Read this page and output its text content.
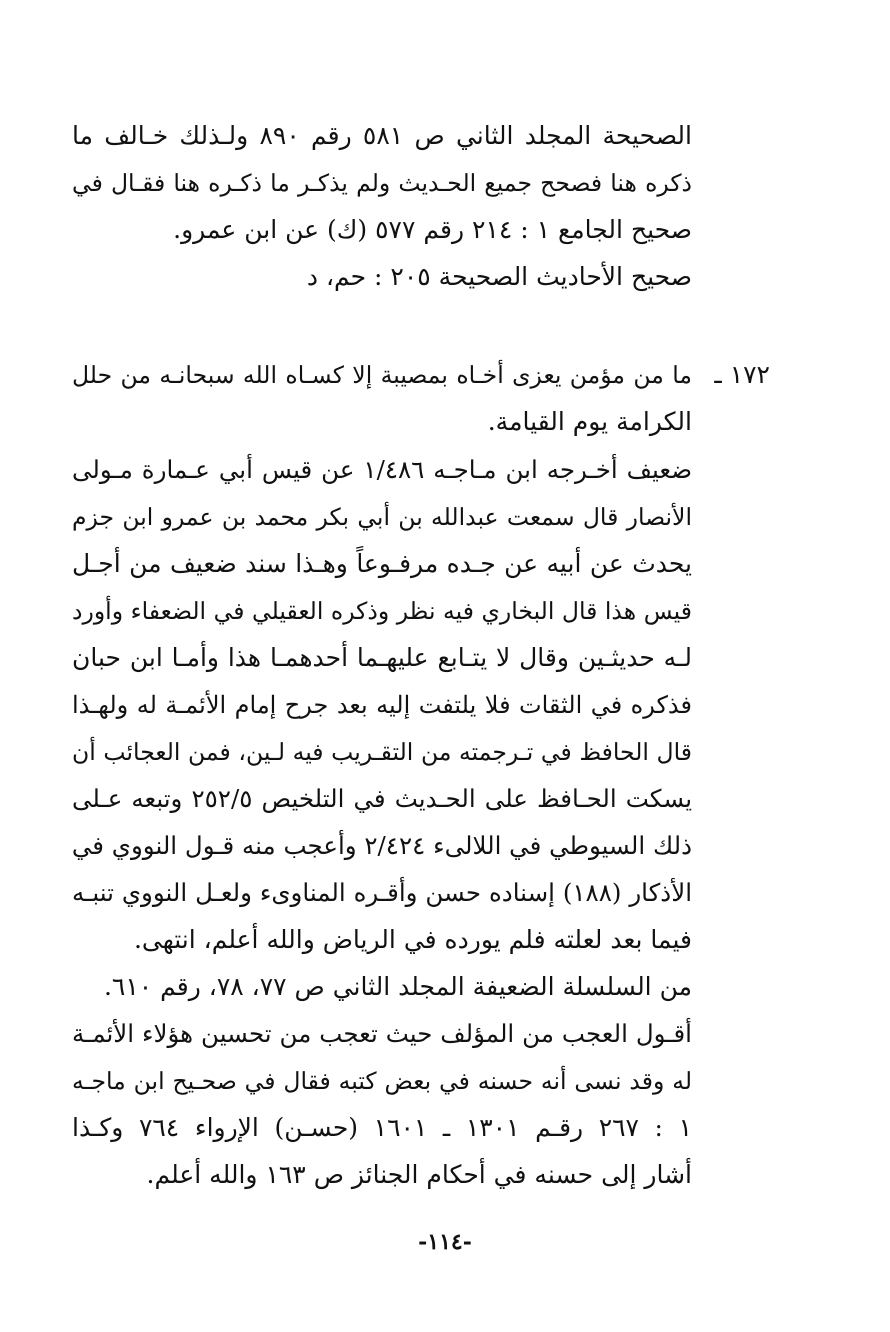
الصحيحة المجلد الثاني ص ٥٨١ رقم ٨٩٠ ولـذلك خـالف ما
ذكره هنا فصحح جميع الحـديث ولم يذكـر ما ذكـره هنا فقـال في
صحيح الجامع ١ : ٢١٤ رقم ٥٧٧ (ك) عن ابن عمرو.
صحيح الأحاديث الصحيحة ٢٠٥ : حم، د
١٧٢ ـ
ما من مؤمن يعزى أخـاه بمصيبة إلا كسـاه الله سبحانـه من حلل
الكرامة يوم القيامة.
ضعيف أخـرجه ابن مـاجـه ١/٤٨٦ عن قيس أبي عـمارة مـولى
الأنصار قال سمعت عبدالله بن أبي بكر محمد بن عمرو ابن جزم
يحدث عن أبيه عن جـده مرفـوعاً وهـذا سند ضعيف من أجـل
قيس هذا قال البخاري فيه نظر وذكره العقيلي في الضعفاء وأورد
لـه حديثـين وقال لا يتـابع عليهـما أحدهمـا هذا وأمـا ابن حبان
فذكره في الثقات فلا يلتفت إليه بعد جرح إمام الأئمـة له ولهـذا
قال الحافظ في تـرجمته من التقـريب فيه لـين، فمن العجائب أن
يسكت الحـافظ على الحـديث في التلخيص ٢٥٢/٥ وتبعه عـلى
ذلك السيوطي في اللالىء ٢/٤٢٤ وأعجب منه قـول النووي في
الأذكار (١٨٨) إسناده حسن وأقـره المناوىء ولعـل النووي تنبـه
فيما بعد لعلته فلم يورده في الرياض والله أعلم، انتهى.
من السلسلة الضعيفة المجلد الثاني ص ٧٧، ٧٨، رقم ٦١٠.
أقـول العجب من المؤلف حيث تعجب من تحسين هؤلاء الأئمـة
له وقد نسى أنه حسنه في بعض كتبه فقال في صحـيح ابن ماجـه
١ : ٢٦٧ رقـم ١٣٠١ ـ ١٦٠١ (حسـن) الإرواء ٧٦٤ وكـذا
أشار إلى حسنه في أحكام الجنائز ص ١٦٣ والله أعلم.
-١١٤-
